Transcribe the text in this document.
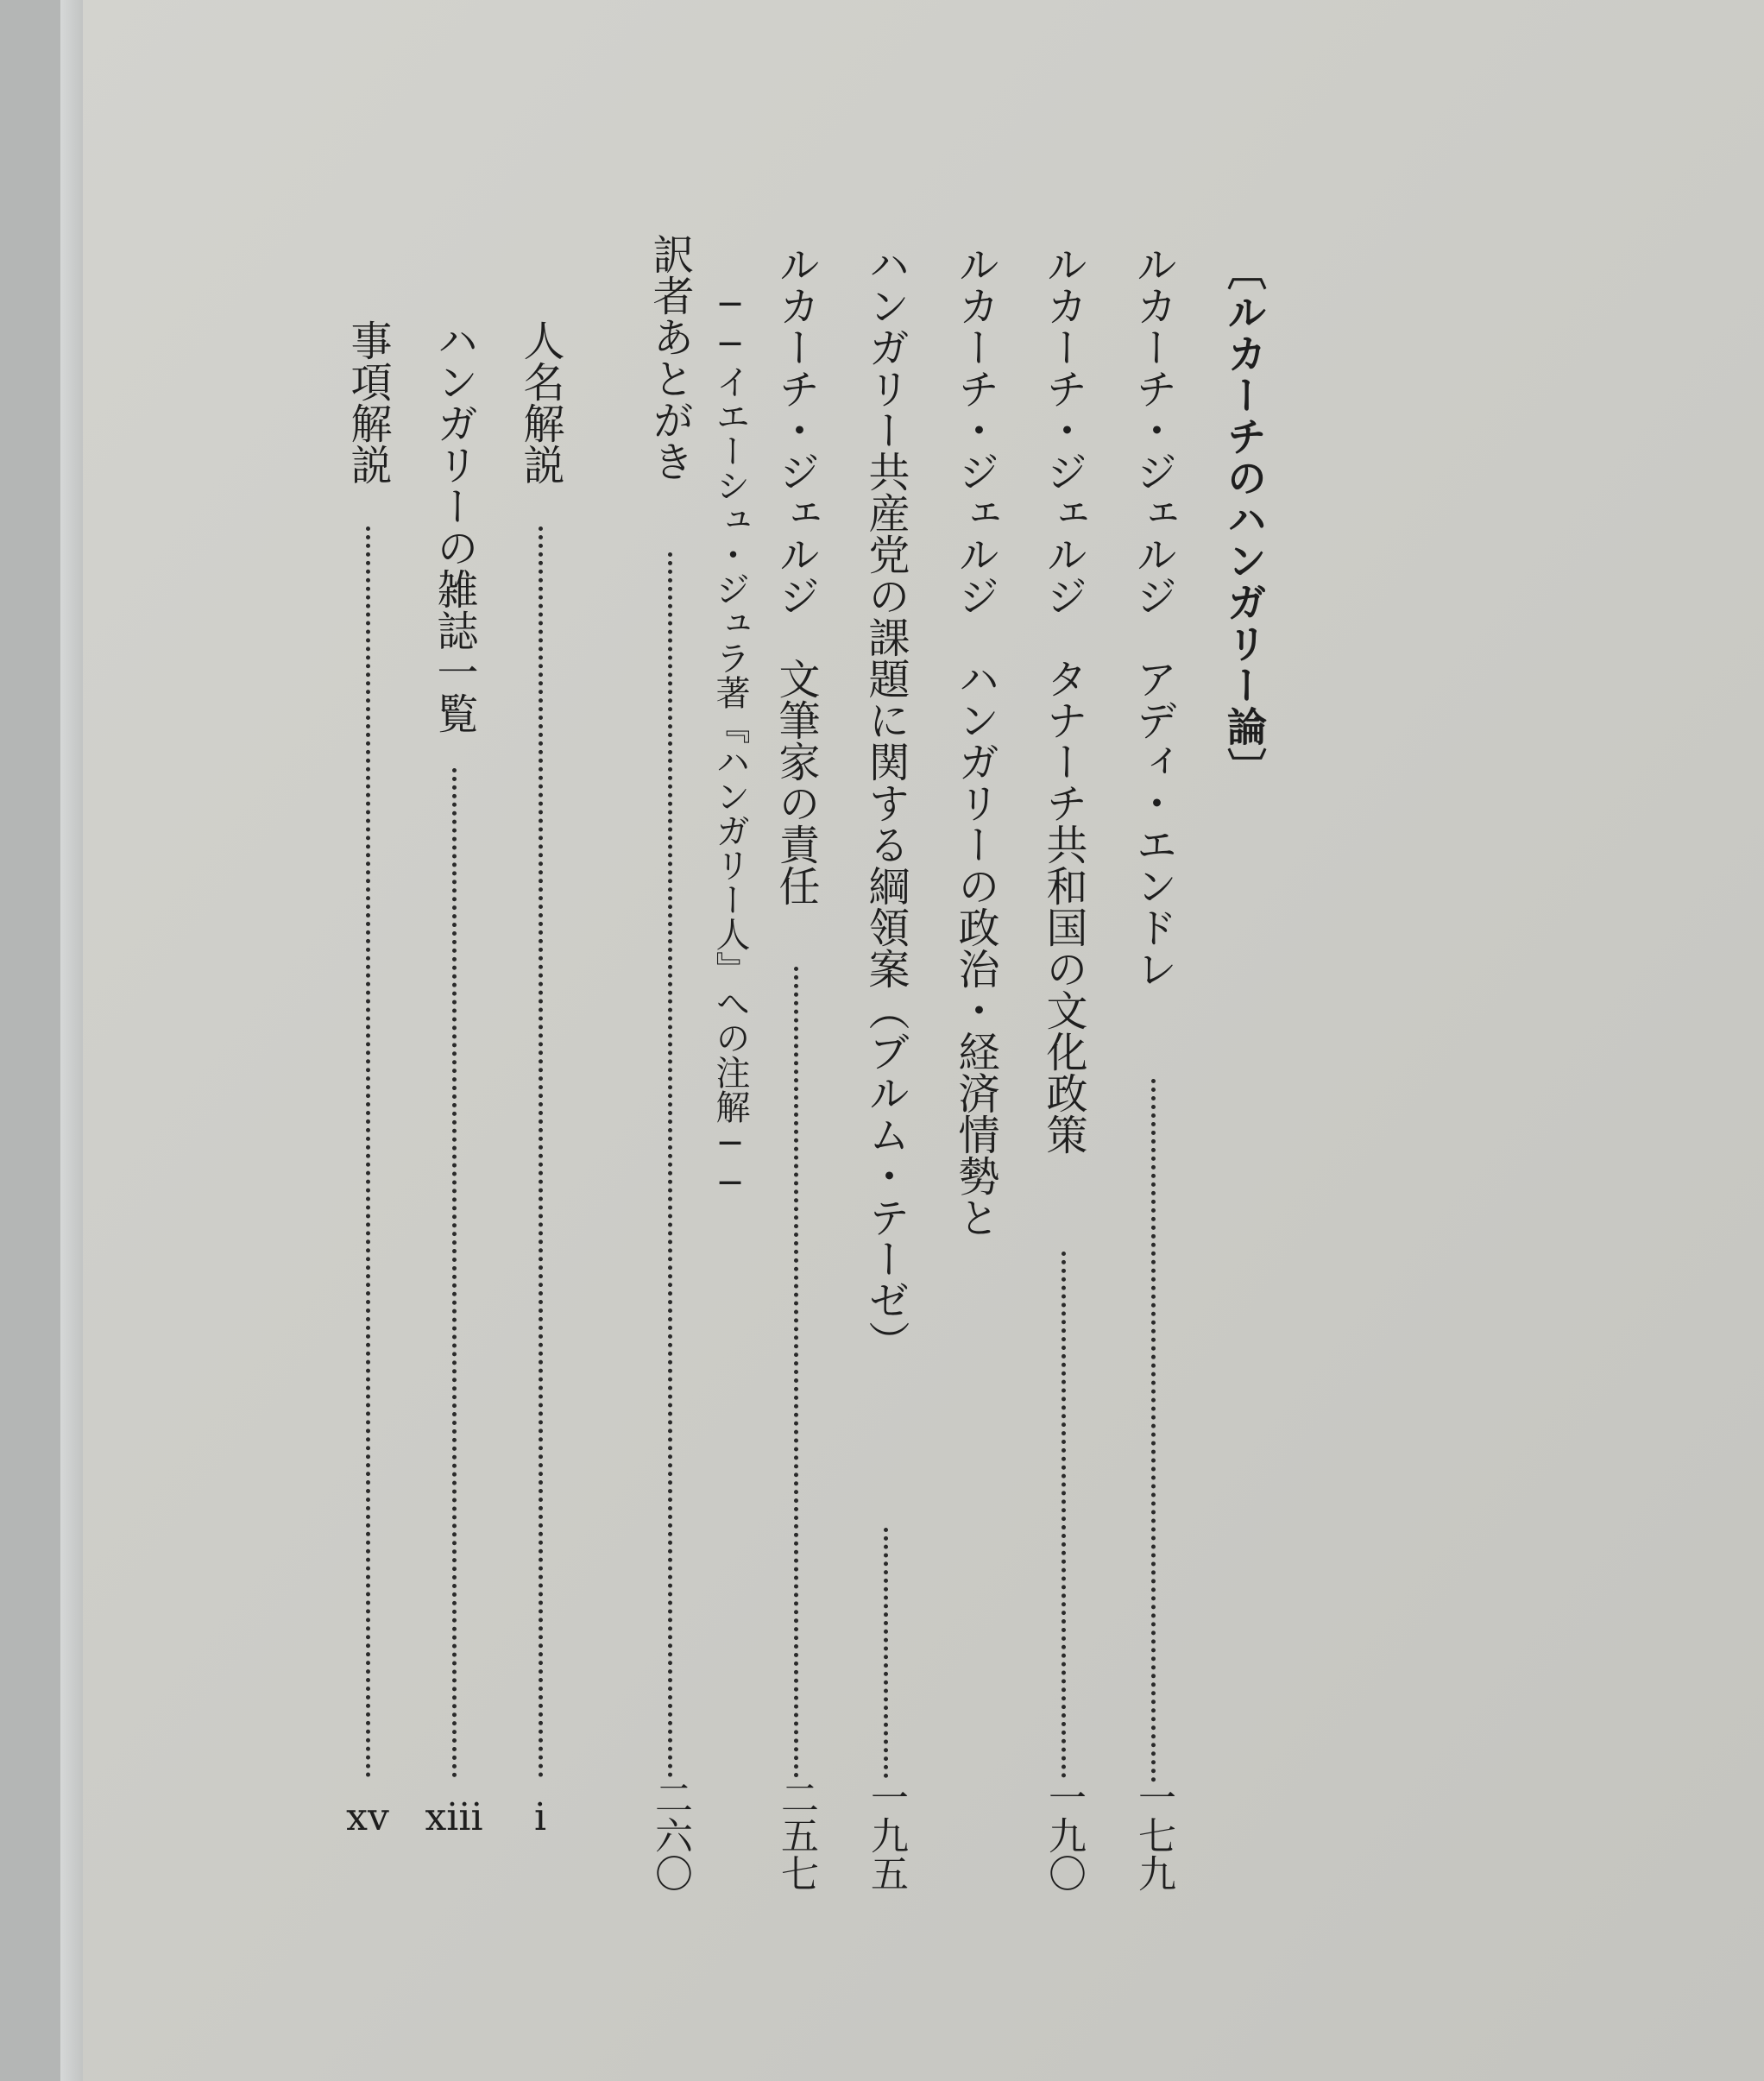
〔ルカーチのハンガリー論〕
ルカーチ・ジェルジ　アディ・エンドレ
一七九
ルカーチ・ジェルジ　タナーチ共和国の文化政策
一九〇
ルカーチ・ジェルジ　ハンガリーの政治・経済情勢と
ハンガリー共産党の課題に関する綱領案（ブルム・テーゼ）
一九五
ルカーチ・ジェルジ　文筆家の責任
二五七
──イエーシュ・ジュラ著『ハンガリー人』への注解──
訳者あとがき
二六〇
人名解説
i
ハンガリーの雑誌一覧
xiii
事項解説
xv
